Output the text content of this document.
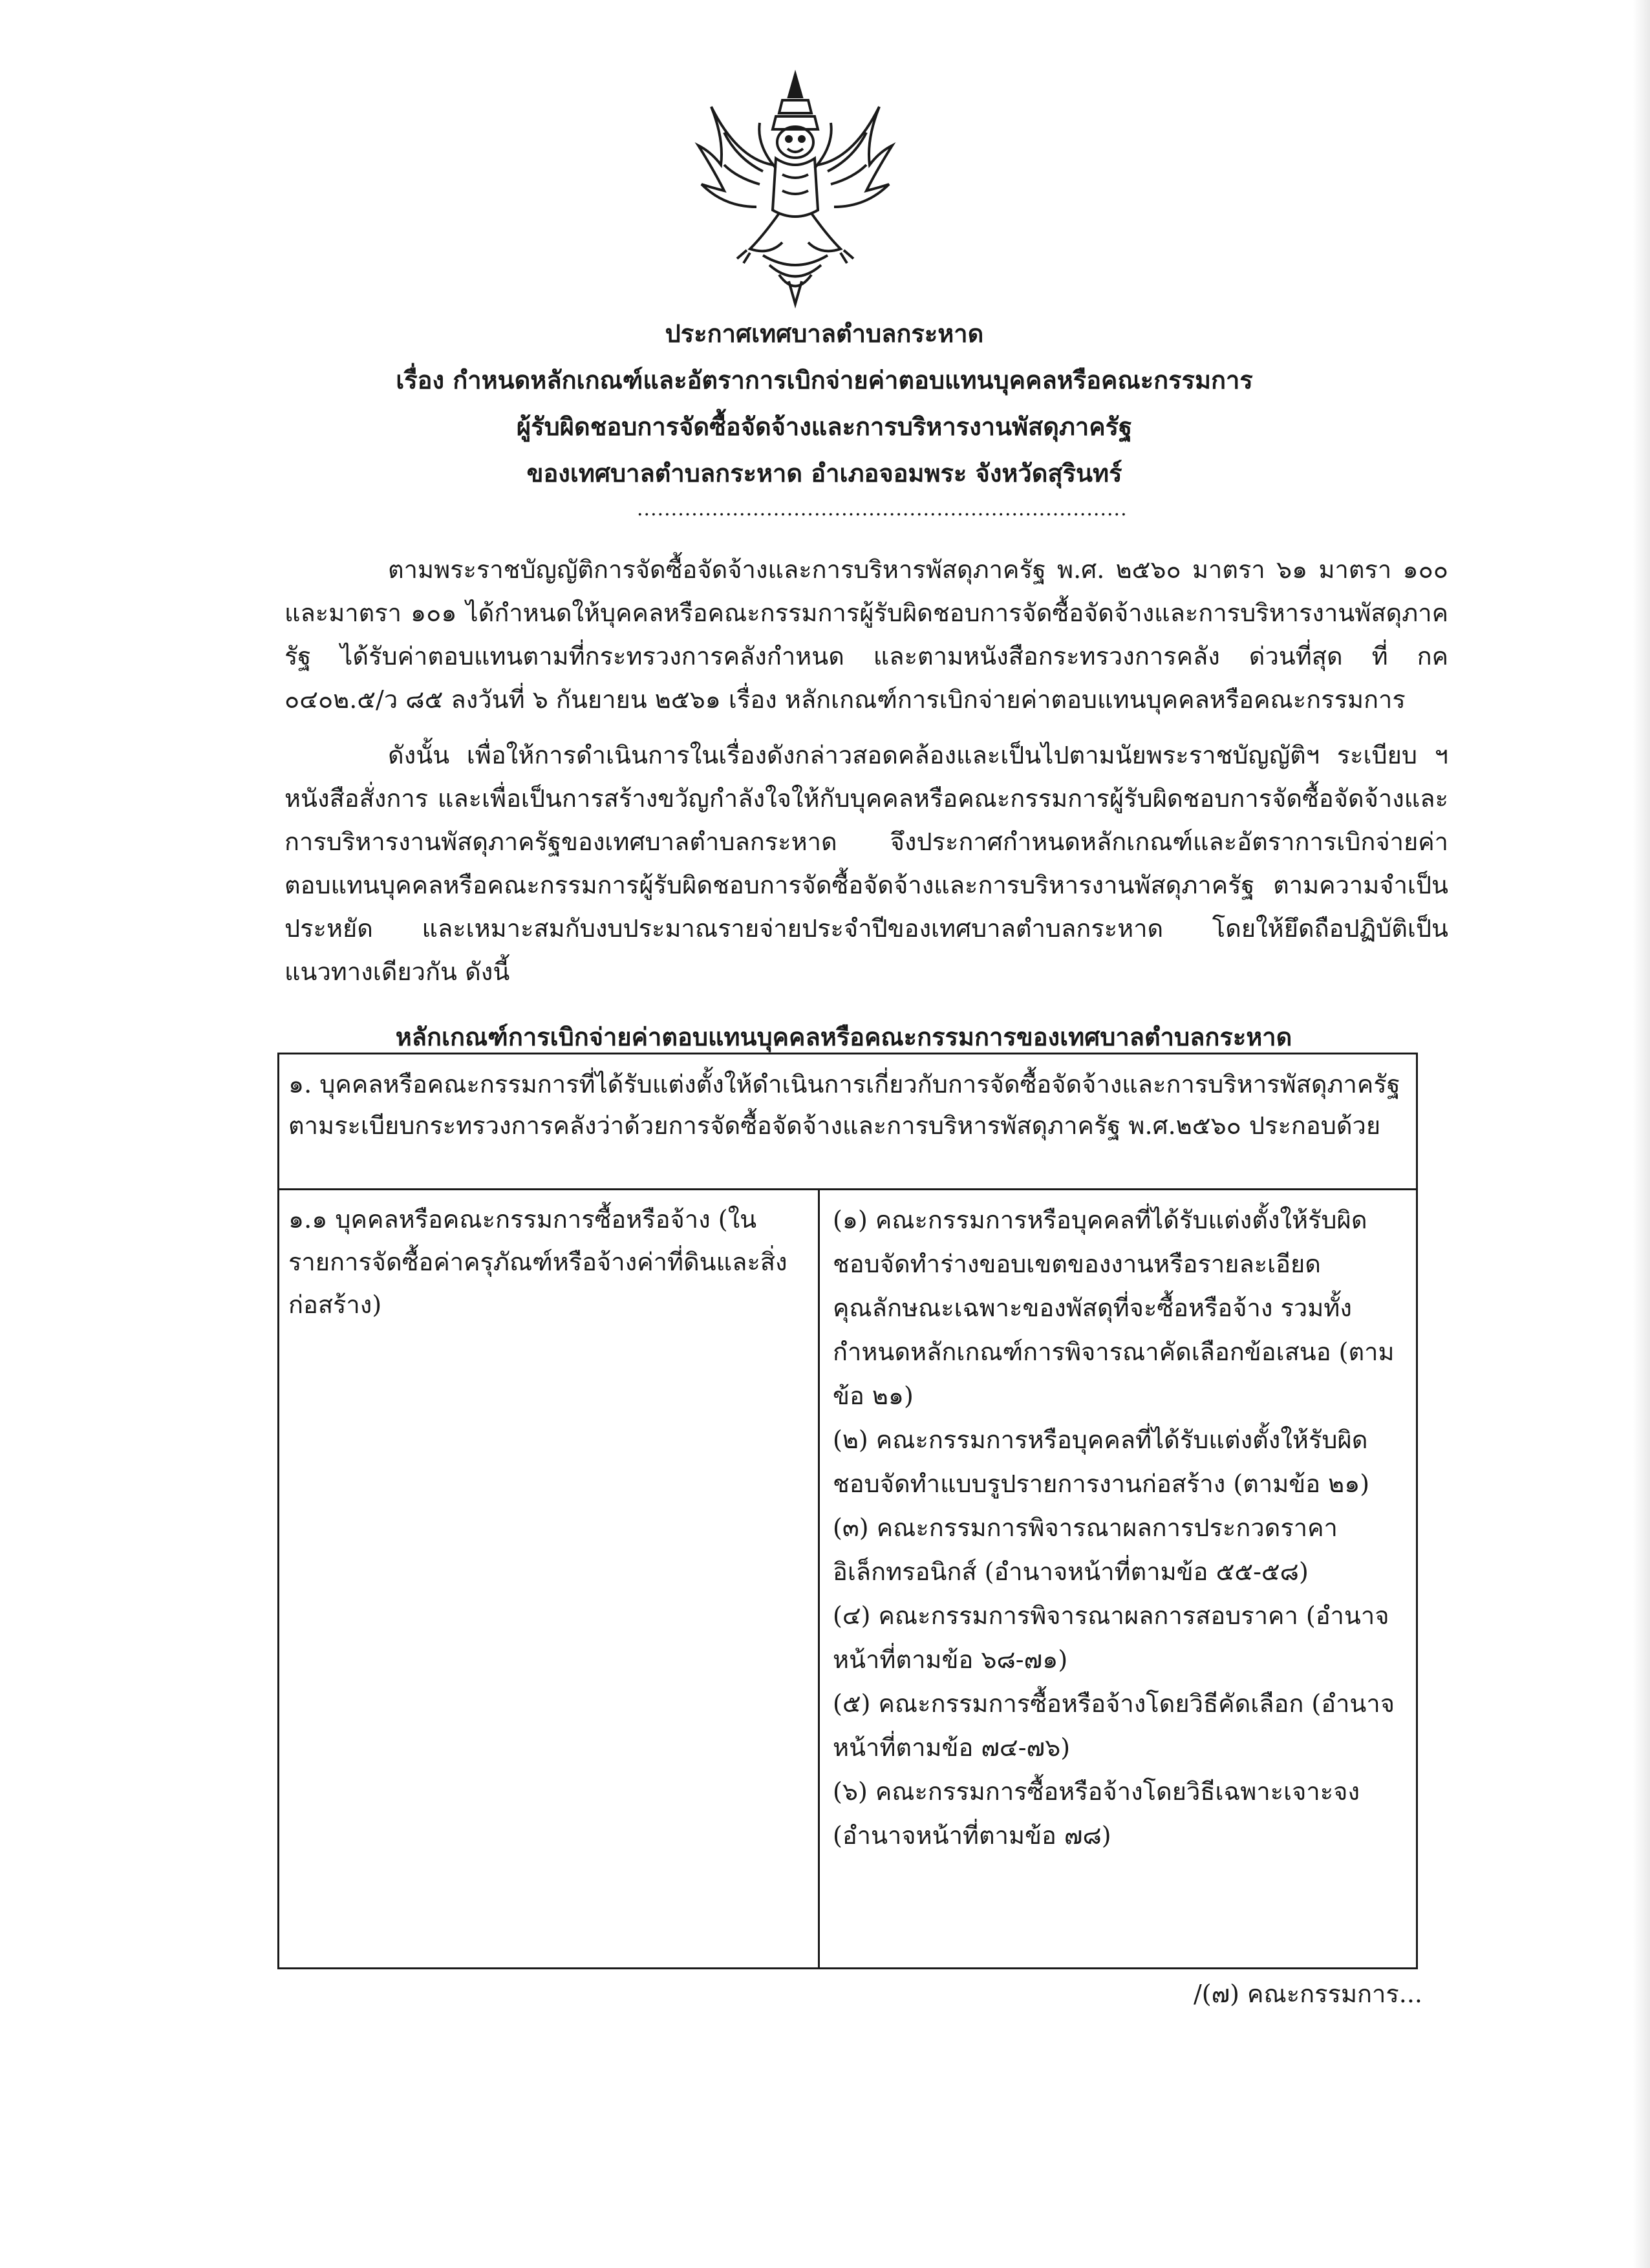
ประกาศเทศบาลตำบลกระหาด
เรื่อง กำหนดหลักเกณฑ์และอัตราการเบิกจ่ายค่าตอบแทนบุคคลหรือคณะกรรมการ
ผู้รับผิดชอบการจัดซื้อจัดจ้างและการบริหารงานพัสดุภาครัฐ
ของเทศบาลตำบลกระหาด อำเภอจอมพระ จังหวัดสุรินทร์
........................................................................
ตามพระราชบัญญัติการจัดซื้อจัดจ้างและการบริหารพัสดุภาครัฐ พ.ศ. ๒๕๖๐ มาตรา ๖๑ มาตรา ๑๐๐ และมาตรา ๑๐๑ ได้กำหนดให้บุคคลหรือคณะกรรมการผู้รับผิดชอบการจัดซื้อจัดจ้างและการบริหารงานพัสดุภาครัฐ ได้รับค่าตอบแทนตามที่กระทรวงการคลังกำหนด และตามหนังสือกระทรวงการคลัง ด่วนที่สุด ที่ กค ๐๔๐๒.๕/ว ๘๕ ลงวันที่ ๖ กันยายน ๒๕๖๑ เรื่อง หลักเกณฑ์การเบิกจ่ายค่าตอบแทนบุคคลหรือคณะกรรมการ
ดังนั้น เพื่อให้การดำเนินการในเรื่องดังกล่าวสอดคล้องและเป็นไปตามนัยพระราชบัญญัติฯ ระเบียบ ฯ หนังสือสั่งการ และเพื่อเป็นการสร้างขวัญกำลังใจให้กับบุคคลหรือคณะกรรมการผู้รับผิดชอบการจัดซื้อจัดจ้างและการบริหารงานพัสดุภาครัฐของเทศบาลตำบลกระหาด จึงประกาศกำหนดหลักเกณฑ์และอัตราการเบิกจ่ายค่าตอบแทนบุคคลหรือคณะกรรมการผู้รับผิดชอบการจัดซื้อจัดจ้างและการบริหารงานพัสดุภาครัฐ ตามความจำเป็น ประหยัด และเหมาะสมกับงบประมาณรายจ่ายประจำปีของเทศบาลตำบลกระหาด โดยให้ยึดถือปฏิบัติเป็นแนวทางเดียวกัน ดังนี้
หลักเกณฑ์การเบิกจ่ายค่าตอบแทนบุคคลหรือคณะกรรมการของเทศบาลตำบลกระหาด
๑. บุคคลหรือคณะกรรมการที่ได้รับแต่งตั้งให้ดำเนินการเกี่ยวกับการจัดซื้อจัดจ้างและการบริหารพัสดุภาครัฐ ตามระเบียบกระทรวงการคลังว่าด้วยการจัดซื้อจัดจ้างและการบริหารพัสดุภาครัฐ พ.ศ.๒๕๖๐ ประกอบด้วย
๑.๑ บุคคลหรือคณะกรรมการซื้อหรือจ้าง (ในรายการจัดซื้อค่าครุภัณฑ์หรือจ้างค่าที่ดินและสิ่งก่อสร้าง)
(๑) คณะกรรมการหรือบุคคลที่ได้รับแต่งตั้งให้รับผิดชอบจัดทำร่างขอบเขตของงานหรือรายละเอียดคุณลักษณะเฉพาะของพัสดุที่จะซื้อหรือจ้าง รวมทั้งกำหนดหลักเกณฑ์การพิจารณาคัดเลือกข้อเสนอ (ตามข้อ ๒๑)
(๒) คณะกรรมการหรือบุคคลที่ได้รับแต่งตั้งให้รับผิดชอบจัดทำแบบรูปรายการงานก่อสร้าง (ตามข้อ ๒๑)
(๓) คณะกรรมการพิจารณาผลการประกวดราคาอิเล็กทรอนิกส์ (อำนาจหน้าที่ตามข้อ ๕๕-๕๘)
(๔) คณะกรรมการพิจารณาผลการสอบราคา (อำนาจหน้าที่ตามข้อ ๖๘-๗๑)
(๕) คณะกรรมการซื้อหรือจ้างโดยวิธีคัดเลือก (อำนาจหน้าที่ตามข้อ ๗๔-๗๖)
(๖) คณะกรรมการซื้อหรือจ้างโดยวิธีเฉพาะเจาะจง (อำนาจหน้าที่ตามข้อ ๗๘)
/(๗) คณะกรรมการ...
